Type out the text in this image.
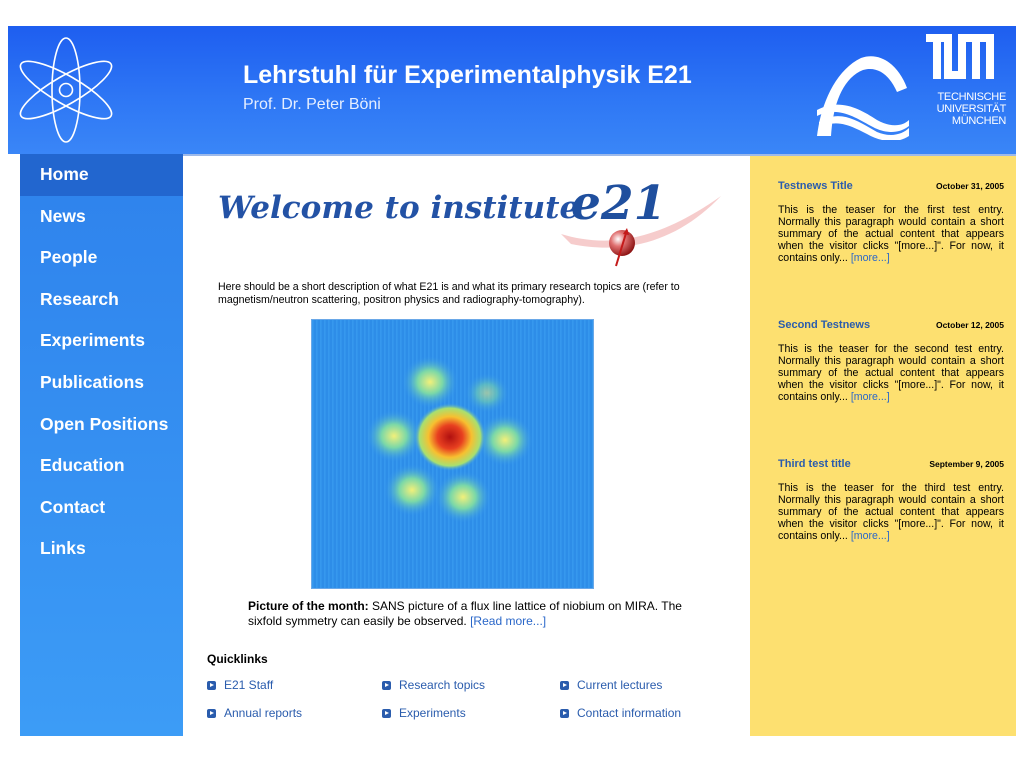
Lehrstuhl für Experimentalphysik E21
Prof. Dr. Peter Böni	TECHNISCHE
UNIVERSITÄT
MÜNCHEN
Home
News
People
Research
Experiments
Publications
Open Positions
Education
Contact
Links
Welcome to institute
e21
Here should be a short description of what E21 is and what its primary research topics are (refer to magnetism/neutron scattering, positron physics and radiography-tomography).
Picture of the month: SANS picture of a flux line lattice of niobium on MIRA. The sixfold symmetry can easily be observed. [Read more...]
Quicklinks
E21 Staff	Research topics	Current lectures
Annual reports	Experiments	Contact information
Testnews Title	October 31, 2005
This is the teaser for the first test entry. Normally this paragraph would contain a short summary of the actual content that appears when the visitor clicks "[more...]". For now, it contains only... [more...]
Second Testnews	October 12, 2005
This is the teaser for the second test entry. Normally this paragraph would contain a short summary of the actual content that appears when the visitor clicks "[more...]". For now, it contains only... [more...]
Third test title	September 9, 2005
This is the teaser for the third test entry. Normally this paragraph would contain a short summary of the actual content that appears when the visitor clicks "[more...]". For now, it contains only... [more...]
